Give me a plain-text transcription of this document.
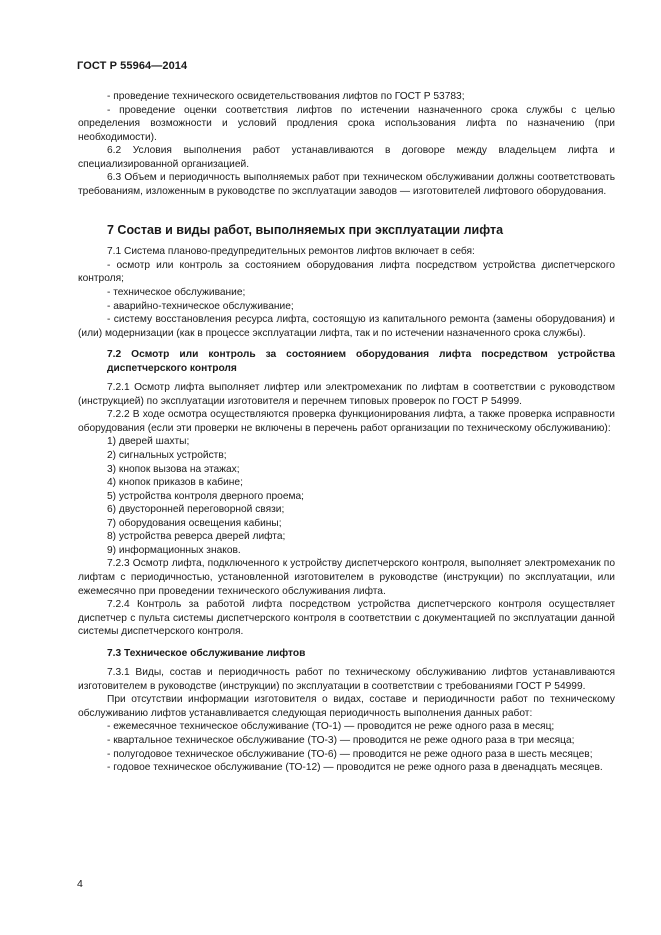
ГОСТ Р 55964—2014

- проведение технического освидетельствования лифтов по ГОСТ Р 53783;

- проведение оценки соответствия лифтов по истечении назначенного срока службы с целью определения возможности и условий продления срока использования лифта по назначению (при необходимости).

6.2 Условия выполнения работ устанавливаются в договоре между владельцем лифта и специализированной организацией.

6.3 Объем и периодичность выполняемых работ при техническом обслуживании должны соответствовать требованиям, изложенным в руководстве по эксплуатации заводов — изготовителей лифтового оборудования.

7 Состав и виды работ, выполняемых при эксплуатации лифта

7.1 Система планово-предупредительных ремонтов лифтов включает в себя:

- осмотр или контроль за состоянием оборудования лифта посредством устройства диспетчерского контроля;

- техническое обслуживание;

- аварийно-техническое обслуживание;

- систему восстановления ресурса лифта, состоящую из капитального ремонта (замены оборудования) и (или) модернизации (как в процессе эксплуатации лифта, так и по истечении назначенного срока службы).

7.2 Осмотр или контроль за состоянием оборудования лифта посредством устройства диспетчерского контроля

7.2.1 Осмотр лифта выполняет лифтер или электромеханик по лифтам в соответствии с руководством (инструкцией) по эксплуатации изготовителя и перечнем типовых проверок по ГОСТ Р 54999.

7.2.2 В ходе осмотра осуществляются проверка функционирования лифта, а также проверка исправности оборудования (если эти проверки не включены в перечень работ организации по техническому обслуживанию):

1) дверей шахты;

2) сигнальных устройств;

3) кнопок вызова на этажах;

4) кнопок приказов в кабине;

5) устройства контроля дверного проема;

6) двусторонней переговорной связи;

7) оборудования освещения кабины;

8) устройства реверса дверей лифта;

9) информационных знаков.

7.2.3 Осмотр лифта, подключенного к устройству диспетчерского контроля, выполняет электромеханик по лифтам с периодичностью, установленной изготовителем в руководстве (инструкции) по эксплуатации, или ежемесячно при проведении технического обслуживания лифта.

7.2.4 Контроль за работой лифта посредством устройства диспетчерского контроля осуществляет диспетчер с пульта системы диспетчерского контроля в соответствии с документацией по эксплуатации данной системы диспетчерского контроля.

7.3 Техническое обслуживание лифтов

7.3.1 Виды, состав и периодичность работ по техническому обслуживанию лифтов устанавливаются изготовителем в руководстве (инструкции) по эксплуатации в соответствии с требованиями ГОСТ Р 54999.

При отсутствии информации изготовителя о видах, составе и периодичности работ по техническому обслуживанию лифтов устанавливается следующая периодичность выполнения данных работ:

- ежемесячное техническое обслуживание (ТО-1) — проводится не реже одного раза в месяц;

- квартальное техническое обслуживание (ТО-3) — проводится не реже одного раза в три месяца;

- полугодовое техническое обслуживание (ТО-6) — проводится не реже одного раза в шесть месяцев;

- годовое техническое обслуживание (ТО-12) — проводится не реже одного раза в двенадцать месяцев.

4
